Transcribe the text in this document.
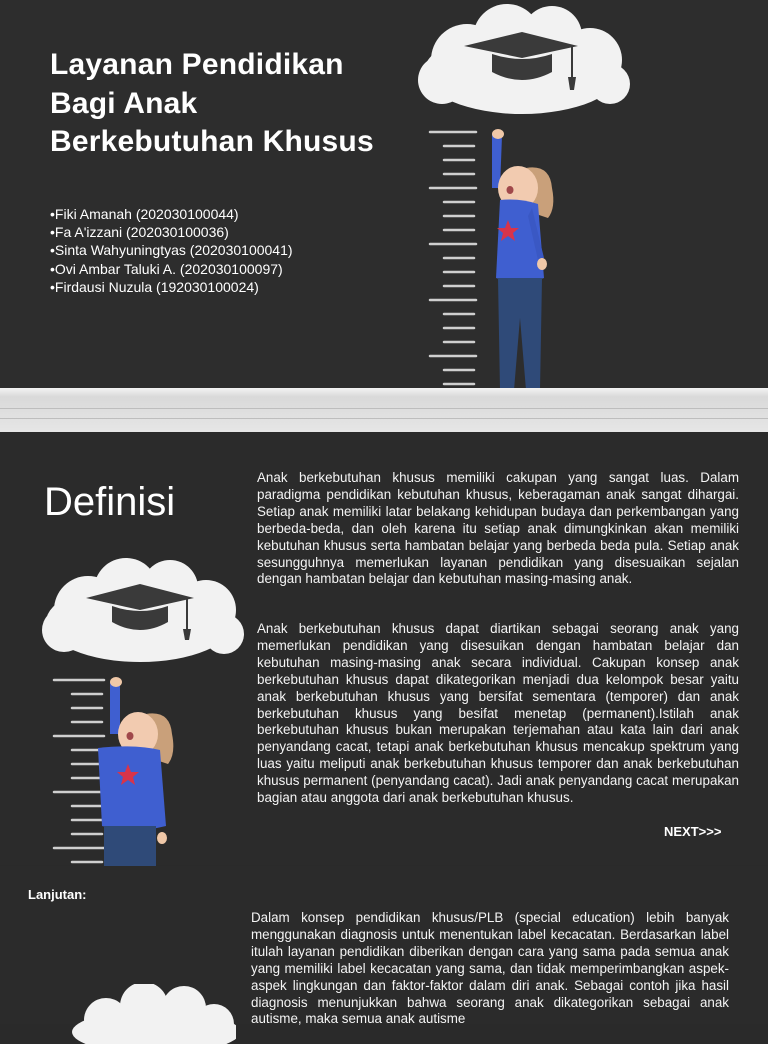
Layanan Pendidikan
Bagi Anak
Berkebutuhan Khusus
•Fiki Amanah (202030100044)
•Fa A'izzani (202030100036)
•Sinta Wahyuningtyas (202030100041)
•Ovi Ambar Taluki A. (202030100097)
•Firdausi Nuzula (192030100024)
Definisi
Anak berkebutuhan khusus memiliki cakupan yang sangat luas. Dalam paradigma pendidikan kebutuhan khusus, keberagaman anak sangat dihargai. Setiap anak memiliki latar belakang kehidupan budaya dan perkembangan yang berbeda-beda, dan oleh karena itu setiap anak dimungkinkan akan memiliki kebutuhan khusus serta hambatan belajar yang berbeda beda pula. Setiap anak sesungguhnya memerlukan layanan pendidikan yang disesuaikan sejalan dengan hambatan belajar dan kebutuhan masing-masing anak.
Anak berkebutuhan khusus dapat diartikan sebagai seorang anak yang memerlukan pendidikan yang disesuikan dengan hambatan belajar dan kebutuhan masing-masing anak secara individual. Cakupan konsep anak berkebutuhan khusus dapat dikategorikan menjadi dua kelompok besar yaitu anak berkebutuhan khusus yang bersifat sementara (temporer) dan anak berkebutuhan khusus yang besifat menetap (permanent).Istilah anak berkebutuhan khusus bukan merupakan terjemahan atau kata lain dari anak penyandang cacat, tetapi anak berkebutuhan khusus mencakup spektrum yang luas yaitu meliputi anak berkebutuhan khusus temporer dan anak berkebutuhan khusus permanent (penyandang cacat). Jadi anak penyandang cacat merupakan bagian atau anggota dari anak berkebutuhan khusus.
NEXT>>>
Lanjutan:
Dalam konsep pendidikan khusus/PLB (special education) lebih banyak menggunakan diagnosis untuk menentukan label kecacatan. Berdasarkan label itulah layanan pendidikan diberikan dengan cara yang sama pada semua anak yang memiliki label kecacatan yang sama, dan tidak memperimbangkan aspek-aspek lingkungan dan faktor-faktor dalam diri anak. Sebagai contoh jika hasil diagnosis menunjukkan bahwa seorang anak dikategorikan sebagai anak autisme, maka semua anak autisme
